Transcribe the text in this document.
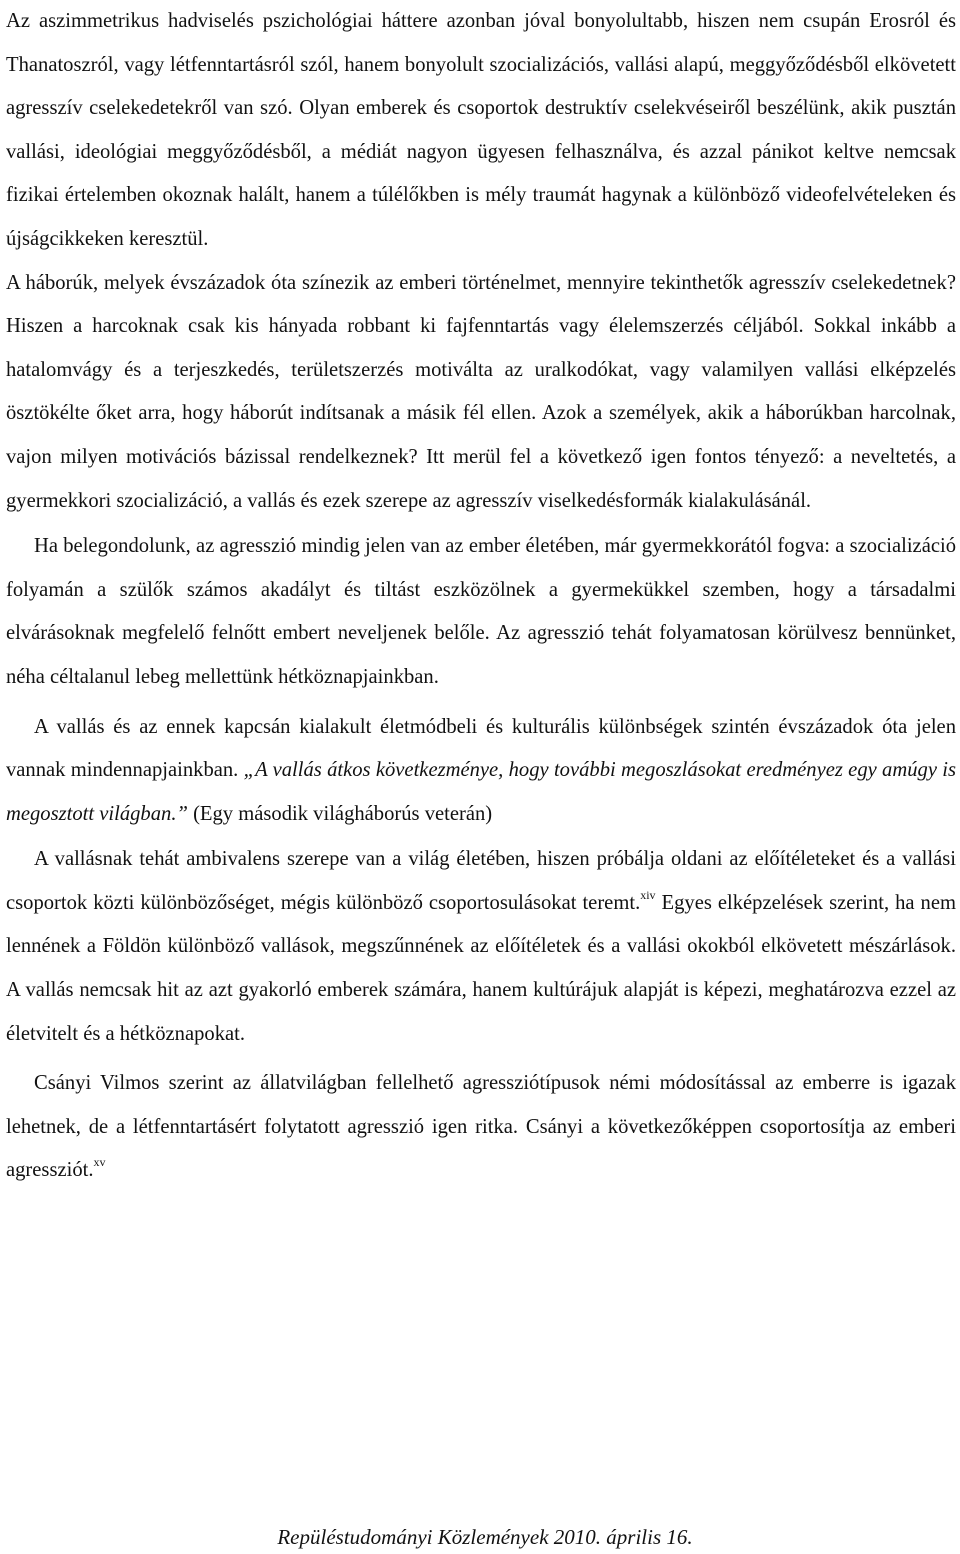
Az aszimmetrikus hadviselés pszichológiai háttere azonban jóval bonyolultabb, hiszen nem csupán Erosról és Thanatoszról, vagy létfenntartásról szól, hanem bonyolult szocializációs, vallási alapú, meggyőződésből elkövetett agresszív cselekedetekről van szó. Olyan emberek és csoportok destruktív cselekvéseiről beszélünk, akik pusztán vallási, ideológiai meggyőződésből, a médiát nagyon ügyesen felhasználva, és azzal pánikot keltve nemcsak fizikai értelemben okoznak halált, hanem a túlélőkben is mély traumát hagynak a különböző videofelvételeken és újságcikkeken keresztül.

A háborúk, melyek évszázadok óta színezik az emberi történelmet, mennyire tekinthetők agresszív cselekedetnek? Hiszen a harcoknak csak kis hányada robbant ki fajfenntartás vagy élelemszerzés céljából. Sokkal inkább a hatalomvágy és a terjeszkedés, területszerzés motiválta az uralkodókat, vagy valamilyen vallási elképzelés ösztökélte őket arra, hogy háborút indítsanak a másik fél ellen. Azok a személyek, akik a háborúkban harcolnak, vajon milyen motivációs bázissal rendelkeznek? Itt merül fel a következő igen fontos tényező: a neveltetés, a gyermekkori szocializáció, a vallás és ezek szerepe az agresszív viselkedésformák kialakulásánál.

Ha belegondolunk, az agresszió mindig jelen van az ember életében, már gyermekkorától fogva: a szocializáció folyamán a szülők számos akadályt és tiltást eszközölnek a gyermekükkel szemben, hogy a társadalmi elvárásoknak megfelelő felnőtt embert neveljenek belőle. Az agresszió tehát folyamatosan körülvesz bennünket, néha céltalanul lebeg mellettünk hétköznapjainkban.

A vallás és az ennek kapcsán kialakult életmódbeli és kulturális különbségek szintén évszázadok óta jelen vannak mindennapjainkban. „A vallás átkos következménye, hogy további megoszlásokat eredményez egy amúgy is megosztott világban.” (Egy második világháborús veterán)

A vallásnak tehát ambivalens szerepe van a világ életében, hiszen próbálja oldani az előítéleteket és a vallási csoportok közti különbözőséget, mégis különböző csoportosulásokat teremt.$^{xiv}$ Egyes elképzelések szerint, ha nem lennének a Földön különböző vallások, megszűnnének az előítéletek és a vallási okokból elkövetett mészárlások. A vallás nemcsak hit az azt gyakorló emberek számára, hanem kultúrájuk alapját is képezi, meghatározva ezzel az életvitelt és a hétköznapokat.

Csányi Vilmos szerint az állatvilágban fellelhető agressziótípusok némi módosítással az emberre is igazak lehetnek, de a létfenntartásért folytatott agresszió igen ritka. Csányi a következőképpen csoportosítja az emberi agressziót.$^{xv}$

Repüléstudományi Közlemények 2010. április 16.
